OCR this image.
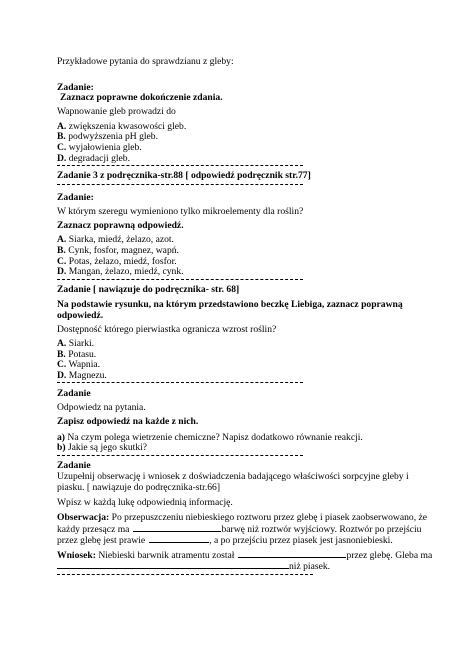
Przykładowe pytania do sprawdzianu z gleby:
Zadanie:
Zaznacz poprawne dokończenie zdania.
Wapnowanie gleb prowadzi do
A. zwiększenia kwasowości gleb.
B. podwyższenia pH gleb.
C. wyjałowienia gleb.
D. degradacji gleb.
Zadanie 3 z podręcznika-str.88 [ odpowiedź podręcznik str.77]
Zadanie:
W którym szeregu wymieniono tylko mikroelementy dla roślin?
Zaznacz poprawną odpowiedź.
A. Siarka, miedź, żelazo, azot.
B. Cynk, fosfor, magnez, wapń.
C. Potas, żelazo, miedź, fosfor.
D. Mangan, żelazo, miedź, cynk.
Zadanie [ nawiązuje do podręcznika- str. 68]
Na podstawie rysunku, na którym przedstawiono beczkę Liebiga, zaznacz poprawną
odpowiedź.
Dostępność którego pierwiastka ogranicza wzrost roślin?
A. Siarki.
B. Potasu.
C. Wapnia.
D. Magnezu.
Zadanie
Odpowiedz na pytania.
Zapisz odpowiedź na każde z nich.
a) Na czym polega wietrzenie chemiczne? Napisz dodatkowo równanie reakcji.
b) Jakie są jego skutki?
Zadanie
Uzupełnij obserwację i wniosek z doświadczenia badającego właściwości sorpcyjne gleby i
piasku. [ nawiązuje do podręcznika-str.66]
Wpisz w każdą lukę odpowiednią informację.
Obserwacja: Po przepuszczeniu niebieskiego roztworu przez glebę i piasek zaobserwowano, że
każdy przesącz ma	barwę niż roztwór wyjściowy. Roztwór po przejściu
przez glebę jest prawie	, a po przejściu przez piasek jest jasnoniebieski.
Wniosek: Niebieski barwnik atramentu został	przez glebę. Gleba ma
niż piasek.
